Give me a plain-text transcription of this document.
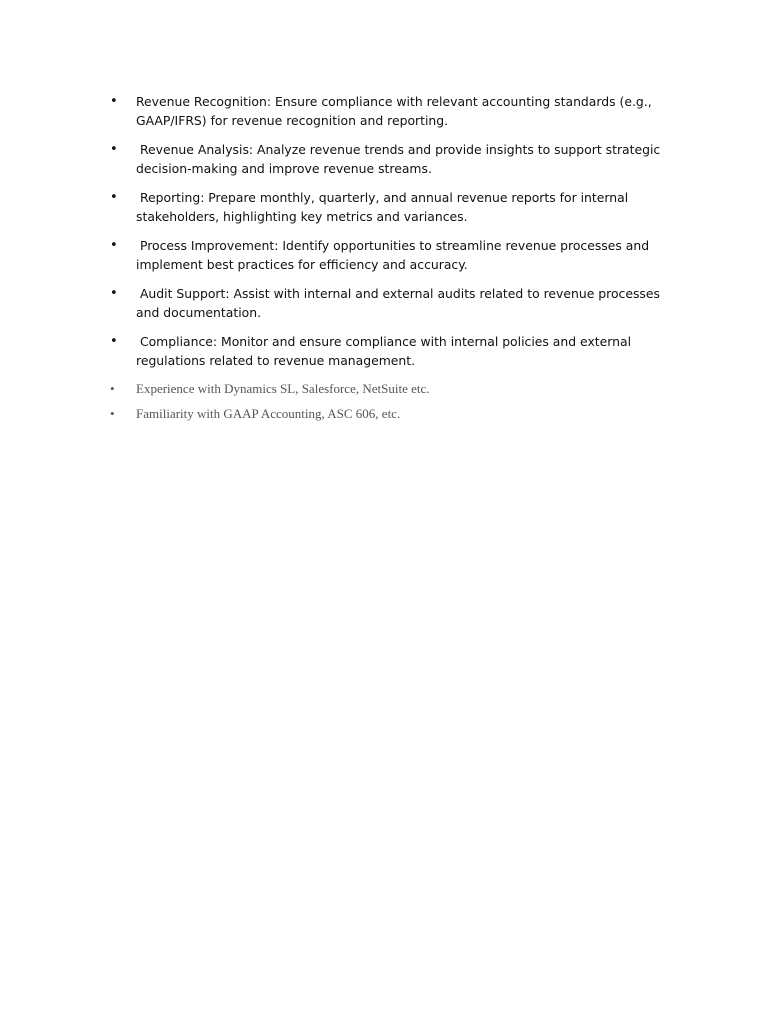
• Revenue Recognition: Ensure compliance with relevant accounting standards (e.g., GAAP/IFRS) for revenue recognition and reporting.
• Revenue Analysis: Analyze revenue trends and provide insights to support strategic decision-making and improve revenue streams.
• Reporting: Prepare monthly, quarterly, and annual revenue reports for internal stakeholders, highlighting key metrics and variances.
• Process Improvement: Identify opportunities to streamline revenue processes and implement best practices for efficiency and accuracy.
• Audit Support: Assist with internal and external audits related to revenue processes and documentation.
• Compliance: Monitor and ensure compliance with internal policies and external regulations related to revenue management.
•	Experience with Dynamics SL, Salesforce, NetSuite etc.
•	Familiarity with GAAP Accounting, ASC 606, etc.
